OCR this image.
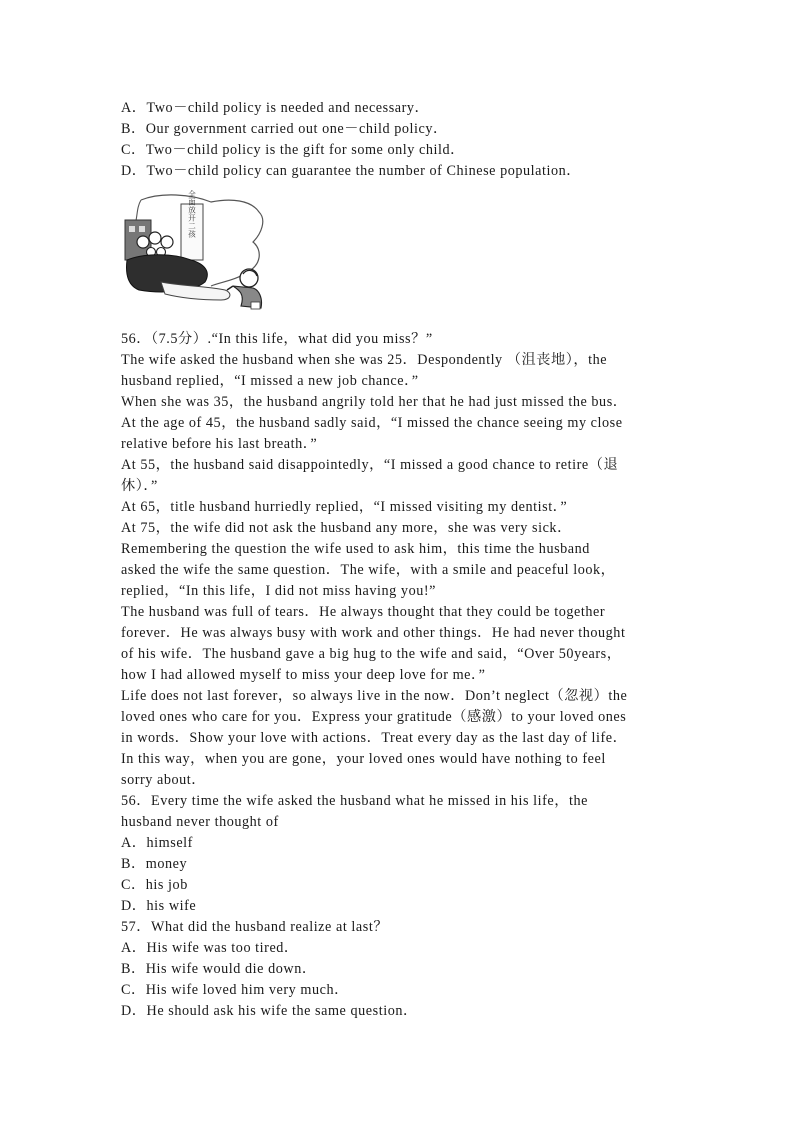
A．Two－child policy is needed and necessary．
B．Our government carried out one－child policy．
C．Two－child policy is the gift for some only child．
D．Two－child policy can guarantee the number of Chinese population．
全面放开二孩
56．（7.5分）.“In this life，what did you miss？”
The wife asked the husband when she was 25．Despondently （沮丧地），the
husband replied，“I missed a new job chance．”
When she was 35，the husband angrily told her that he had just missed the bus．
At the age of 45，the husband sadly said，“I missed the chance seeing my close
relative before his last breath．”
At 55，the husband said disappointedly，“I missed a good chance to retire（退
休）．”
At 65，title husband hurriedly replied，“I missed visiting my dentist．”
At 75，the wife did not ask the husband any more，she was very sick．
Remembering the question the wife used to ask him，this time the husband
asked the wife the same question．The wife，with a smile and peaceful look，
replied，“In this life，I did not miss having you!”
The husband was full of tears．He always thought that they could be together
forever．He was always busy with work and other things．He had never thought
of his wife．The husband gave a big hug to the wife and said，“Over 50years，
how I had allowed myself to miss your deep love for me．”
Life does not last forever，so always live in the now．Don’t neglect（忽视）the
loved ones who care for you．Express your gratitude（感激）to your loved ones
in words．Show your love with actions．Treat every day as the last day of life．
In this way，when you are gone，your loved ones would have nothing to feel
sorry about．
56．Every time the wife asked the husband what he missed in his life，the
husband never thought of
A．himself
B．money
C．his job
D．his wife
57．What did the husband realize at last？
A．His wife was too tired．
B．His wife would die down．
C．His wife loved him very much．
D．He should ask his wife the same question．
